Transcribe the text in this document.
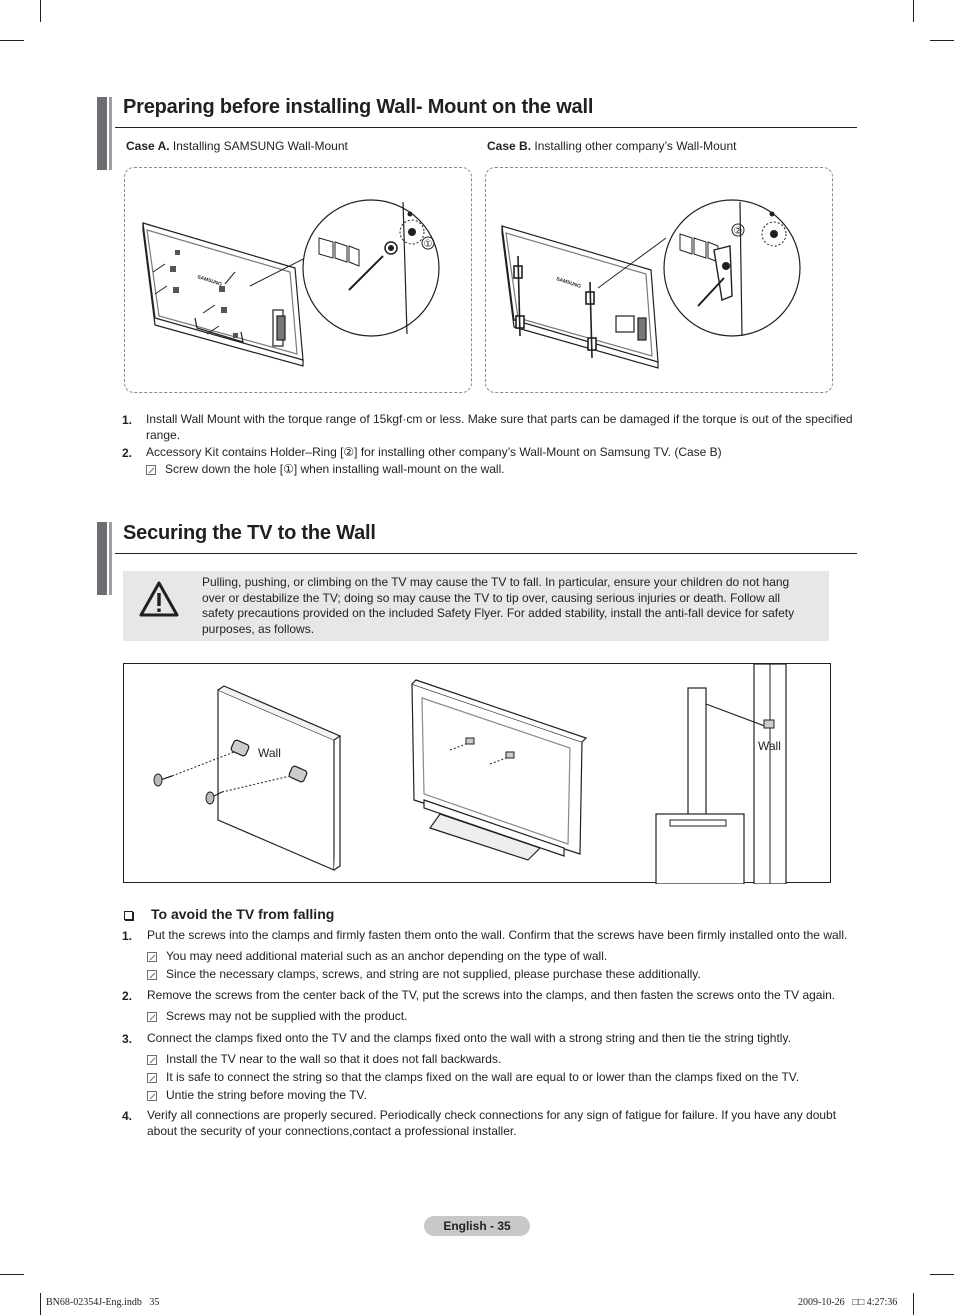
Preparing before installing Wall- Mount on the wall
Case A. Installing SAMSUNG Wall-Mount	Case B. Installing other company’s Wall-Mount
SAMSUNG
①
SAMSUNG
②
1. Install Wall Mount with the torque range of 15kgf·cm or less. Make sure that parts can be damaged if the torque is out of the specified range.
2. Accessory Kit contains Holder–Ring [②] for installing other company’s Wall-Mount on Samsung TV. (Case B)
Screw down the hole [①] when installing wall-mount on the wall.
Securing the TV to the Wall
Pulling, pushing, or climbing on the TV may cause the TV to fall. In particular, ensure your children do not hang over or destabilize the TV; doing so may cause the TV to tip over, causing serious injuries or death. Follow all safety precautions provided on the included Safety Flyer. For added stability, install the anti-fall device for safety purposes, as follows.
Wall	Wall
To avoid the TV from falling
1. Put the screws into the clamps and firmly fasten them onto the wall. Confirm that the screws have been firmly installed onto the wall.
You may need additional material such as an anchor depending on the type of wall.
Since the necessary clamps, screws, and string are not supplied, please purchase these additionally.
2. Remove the screws from the center back of the TV, put the screws into the clamps, and then fasten the screws onto the TV again.
Screws may not be supplied with the product.
3. Connect the clamps fixed onto the TV and the clamps fixed onto the wall with a strong string and then tie the string tightly.
Install the TV near to the wall so that it does not fall backwards.
It is safe to connect the string so that the clamps fixed on the wall are equal to or lower than the clamps fixed on the TV.
Untie the string before moving the TV.
4. Verify all connections are properly secured. Periodically check connections for any sign of fatigue for failure. If you have any doubt about the security of your connections,contact a professional installer.
English - 35
BN68-02354J-Eng.indb   35	2009-10-26   □□ 4:27:36
